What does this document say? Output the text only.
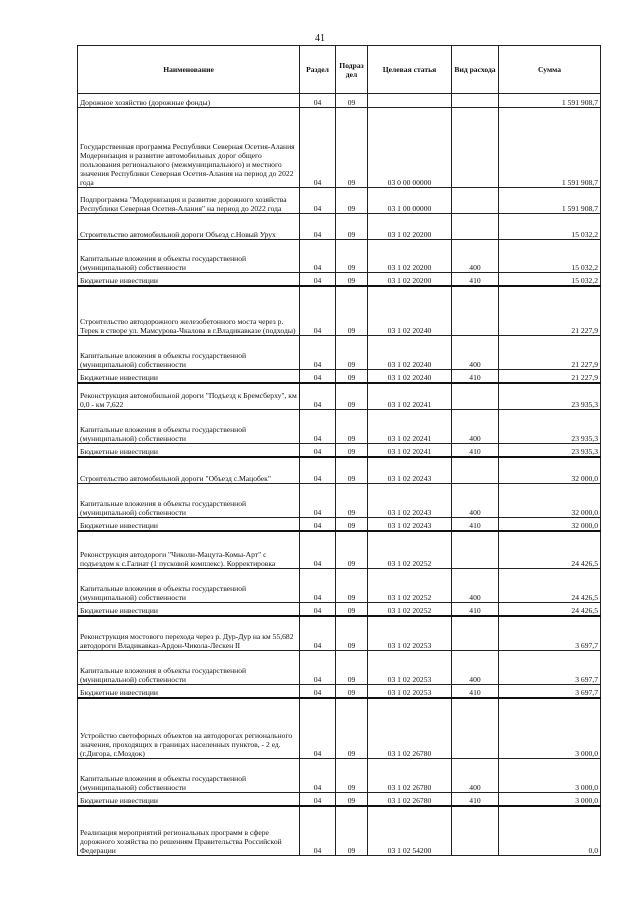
41
Наименование	Раздел	Подраз дел	Целевая статья	Вид расхода	Сумма
Дорожное хозяйство (дорожные фонды)	04	09			1 591 908,7
Государственная программа Республики Северная Осетия-Алания Модернизация и развитие автомобильных дорог общего пользования регионального (межмуниципального) и местного значения Республики Северная Осетия-Алания на период до 2022 года	04	09	03 0 00 00000		1 591 908,7
Подпрограмма "Модернизация и развитие дорожного хозяйства Республики Северная Осетия-Алания" на период до 2022 года	04	09	03 1 00 00000		1 591 908,7
Строительство автомобильной дороги Объезд с.Новый Урух	04	09	03 1 02 20200		15 032,2
Капитальные вложения в объекты государственной (муниципальной) собственности	04	09	03 1 02 20200	400	15 032,2
Бюджетные инвестиции	04	09	03 1 02 20200	410	15 032,2
Строительство автодорожного железобетонного моста через р. Терек в створе ул. Мамсурова-Чкалова в г.Владикавказе (подходы)	04	09	03 1 02 20240		21 227,9
Капитальные вложения в объекты государственной (муниципальной) собственности	04	09	03 1 02 20240	400	21 227,9
Бюджетные инвестиции	04	09	03 1 02 20240	410	21 227,9
Реконструкция автомобильной дороги "Подъезд к Бремсберху", км 0,0 - км 7,622	04	09	03 1 02 20241		23 935,3
Капитальные вложения в объекты государственной (муниципальной) собственности	04	09	03 1 02 20241	400	23 935,3
Бюджетные инвестиции	04	09	03 1 02 20241	410	23 935,3
Строительство автомобильной дороги "Объезд с.Мацобек"	04	09	03 1 02 20243		32 000,0
Капитальные вложения в объекты государственной (муниципальной) собственности	04	09	03 1 02 20243	400	32 000,0
Бюджетные инвестиции	04	09	03 1 02 20243	410	32 000,0
Реконструкция автодороги "Чиколи-Мацута-Комы-Арт" с подъездом к с.Галиат (1 пусковой комплекс). Корректировка	04	09	03 1 02 20252		24 426,5
Капитальные вложения в объекты государственной (муниципальной) собственности	04	09	03 1 02 20252	400	24 426,5
Бюджетные инвестиции	04	09	03 1 02 20252	410	24 426,5
Реконструкция мостового перехода через р. Дур-Дур на км 55,682 автодороги Владикавказ-Ардон-Чиколa-Лескен II	04	09	03 1 02 20253		3 697,7
Капитальные вложения в объекты государственной (муниципальной) собственности	04	09	03 1 02 20253	400	3 697,7
Бюджетные инвестиции	04	09	03 1 02 20253	410	3 697,7
Устройство светофорных объектов на автодорогах регионального значения, проходящих в границах населенных пунктов, - 2 ед. (г.Дигора, г.Моздок)	04	09	03 1 02 26780		3 000,0
Капитальные вложения в объекты государственной (муниципальной) собственности	04	09	03 1 02 26780	400	3 000,0
Бюджетные инвестиции	04	09	03 1 02 26780	410	3 000,0
Реализация мероприятий региональных программ в сфере дорожного хозяйства по решениям Правительства Российской Федерации	04	09	03 1 02 54200		0,0
